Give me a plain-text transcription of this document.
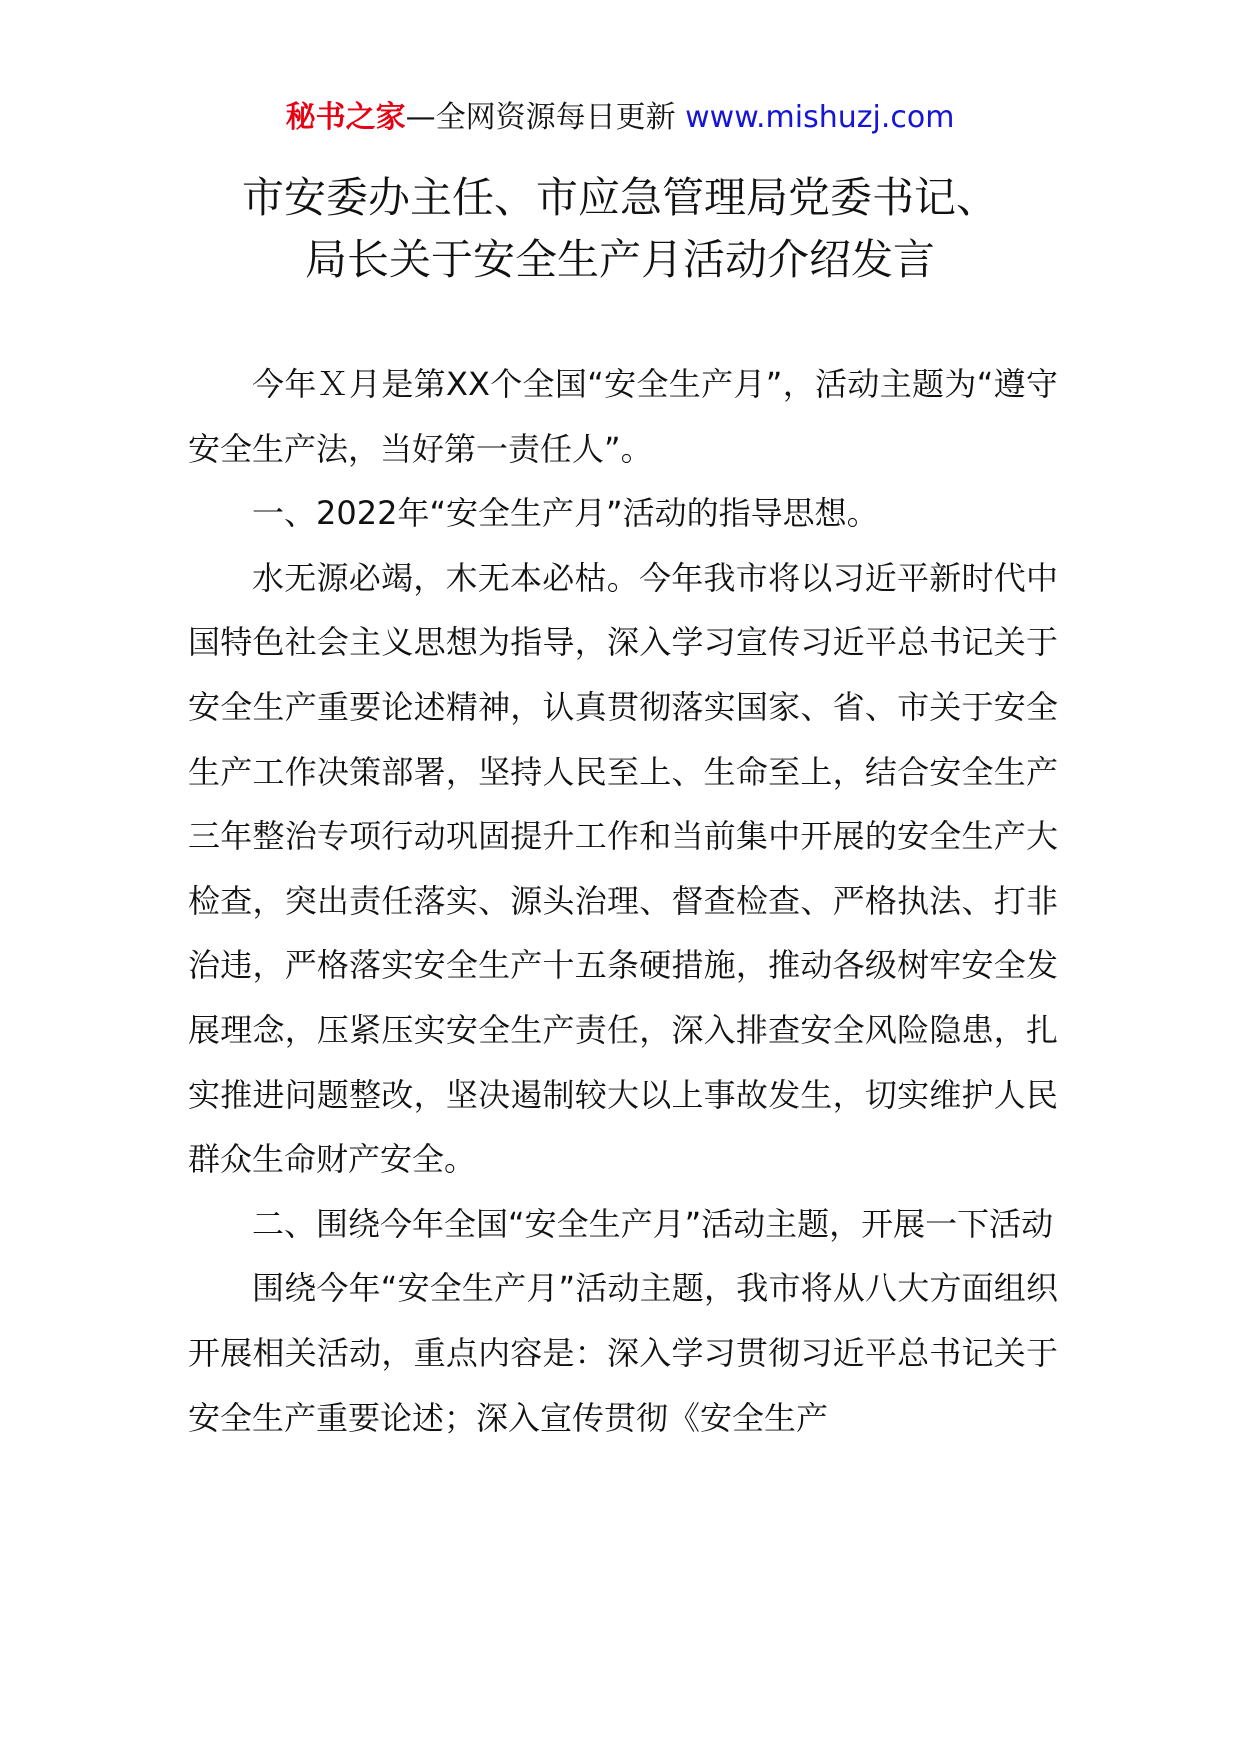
秘书之家—全网资源每日更新 www.mishuzj.com
市安委办主任、市应急管理局党委书记、
局长关于安全生产月活动介绍发言

今年Ｘ月是第XX个全国“安全生产月”，活动主题为“遵守安全生产法，当好第一责任人”。

一、2022年“安全生产月”活动的指导思想。

水无源必竭，木无本必枯。今年我市将以习近平新时代中国特色社会主义思想为指导，深入学习宣传习近平总书记关于安全生产重要论述精神，认真贯彻落实国家、省、市关于安全生产工作决策部署，坚持人民至上、生命至上，结合安全生产三年整治专项行动巩固提升工作和当前集中开展的安全生产大检查，突出责任落实、源头治理、督查检查、严格执法、打非治违，严格落实安全生产十五条硬措施，推动各级树牢安全发展理念，压紧压实安全生产责任，深入排查安全风险隐患，扎实推进问题整改，坚决遏制较大以上事故发生，切实维护人民群众生命财产安全。

二、围绕今年全国“安全生产月”活动主题，开展一下活动

围绕今年“安全生产月”活动主题，我市将从八大方面组织开展相关活动，重点内容是：深入学习贯彻习近平总书记关于安全生产重要论述；深入宣传贯彻《安全生产
